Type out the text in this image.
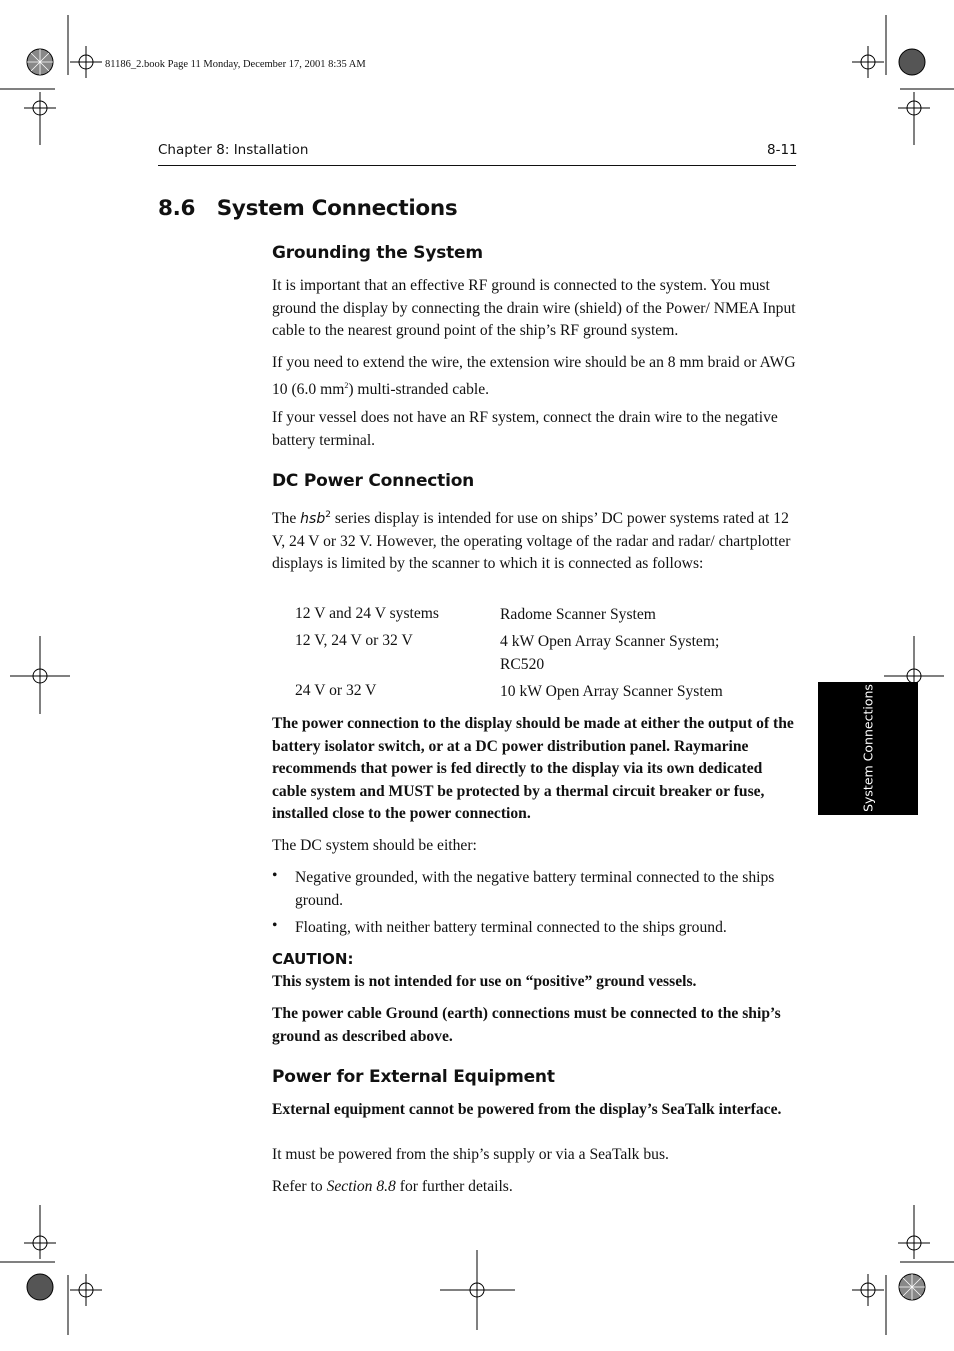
81186_2.book Page 11 Monday, December 17, 2001 8:35 AM
Chapter 8: Installation	8-11
8.6   System Connections
Grounding the System
It is important that an effective RF ground is connected to the system. You must ground the display by connecting the drain wire (shield) of the Power/ NMEA Input cable to the nearest ground point of the ship’s RF ground system.
If you need to extend the wire, the extension wire should be an 8 mm braid or AWG 10 (6.0 $mm^2$) multi-stranded cable.
If your vessel does not have an RF system, connect the drain wire to the negative battery terminal.
DC Power Connection
The hsb$^2$ series display is intended for use on ships’ DC power systems rated at 12 V, 24 V or 32 V. However, the operating voltage of the radar and radar/ chartplotter displays is limited by the scanner to which it is connected as follows:
12 V and 24 V systems	Radome Scanner System
12 V, 24 V or 32 V	4 kW Open Array Scanner System;
RC520
24 V or 32 V	10 kW Open Array Scanner System
The power connection to the display should be made at either the output of the battery isolator switch, or at a DC power distribution panel. Raymarine recommends that power is fed directly to the display via its own dedicated cable system and MUST be protected by a thermal circuit breaker or fuse, installed close to the power connection.
The DC system should be either:
• Negative grounded, with the negative battery terminal connected to the ships ground.
• Floating, with neither battery terminal connected to the ships ground.
CAUTION:
This system is not intended for use on “positive” ground vessels.
The power cable Ground (earth) connections must be connected to the ship’s ground as described above.
Power for External Equipment
External equipment cannot be powered from the display’s SeaTalk interface.
It must be powered from the ship’s supply or via a SeaTalk bus.
Refer to Section 8.8 for further details.
System Connections
